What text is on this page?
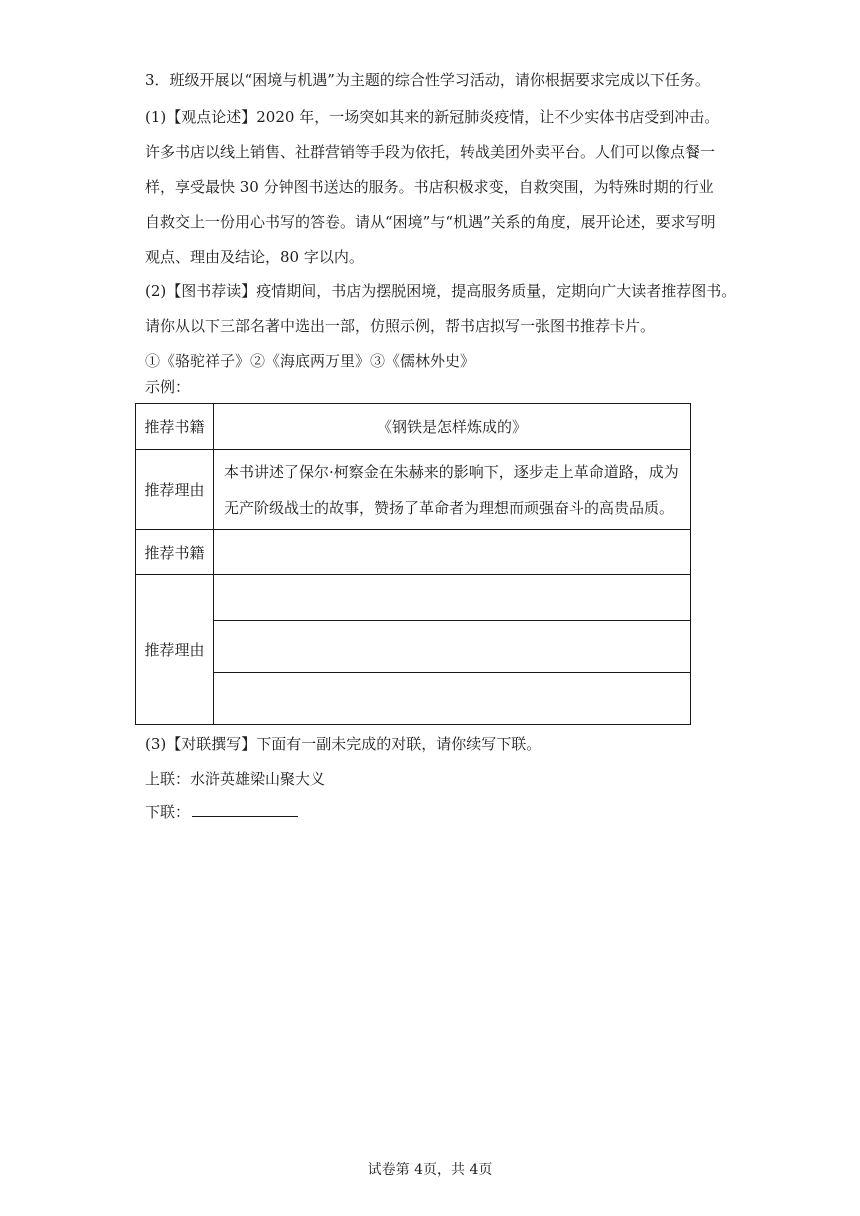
3．班级开展以“困境与机遇”为主题的综合性学习活动，请你根据要求完成以下任务。
(1)【观点论述】2020 年，一场突如其来的新冠肺炎疫情，让不少实体书店受到冲击。
许多书店以线上销售、社群营销等手段为依托，转战美团外卖平台。人们可以像点餐一
样，享受最快 30 分钟图书送达的服务。书店积极求变，自救突围，为特殊时期的行业
自救交上一份用心书写的答卷。请从“困境”与“机遇”关系的角度，展开论述，要求写明
观点、理由及结论，80 字以内。
(2)【图书荐读】疫情期间，书店为摆脱困境，提高服务质量，定期向广大读者推荐图书。
请你从以下三部名著中选出一部，仿照示例，帮书店拟写一张图书推荐卡片。
①《骆驼祥子》②《海底两万里》③《儒林外史》
示例：
推荐书籍	《钢铁是怎样炼成的》
推荐理由	本书讲述了保尔·柯察金在朱赫来的影响下，逐步走上革命道路，成为
无产阶级战士的故事，赞扬了革命者为理想而顽强奋斗的高贵品质。

推荐书籍	
推荐理由	

(3)【对联撰写】下面有一副未完成的对联，请你续写下联。
上联：水浒英雄梁山聚大义
下联：
试卷第 4页，共 4页
